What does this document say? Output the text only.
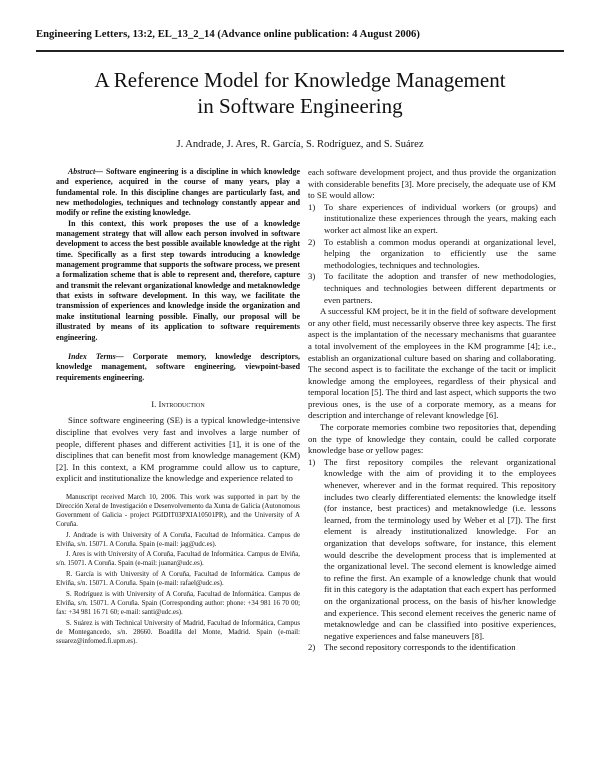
Engineering Letters, 13:2, EL_13_2_14 (Advance online publication: 4 August 2006)
A Reference Model for Knowledge Management
in Software Engineering
J. Andrade, J. Ares, R. García, S. Rodríguez, and S. Suárez

Abstract— Software engineering is a discipline in which knowledge and experience, acquired in the course of many years, play a fundamental role. In this discipline changes are particularly fast, and new methodologies, techniques and technology constantly appear and modify or refine the existing knowledge.

In this context, this work proposes the use of a knowledge management strategy that will allow each person involved in software development to access the best possible available knowledge at the right time. Specifically as a first step towards introducing a knowledge management programme that supports the software process, we present a formalization scheme that is able to represent and, therefore, capture and transmit the relevant organizational knowledge and metaknowledge that exists in software development. In this way, we facilitate the transmission of experiences and knowledge inside the organization and make institutional learning possible. Finally, our proposal will be illustrated by means of its application to software requirements engineering.

Index Terms— Corporate memory, knowledge descriptors, knowledge management, software engineering, viewpoint-based requirements engineering.

I. Introduction

Since software engineering (SE) is a typical knowledge-intensive discipline that evolves very fast and involves a large number of people, different phases and different activities [1], it is one of the disciplines that can benefit most from knowledge management (KM) [2]. In this context, a KM programme could allow us to capture, explicit and institutionalize the knowledge and experience related to

Manuscript received March 10, 2006. This work was supported in part by the Dirección Xeral de Investigación e Desenvolvemento da Xunta de Galicia (Autonomous Government of Galicia - project PGIDIT03PXIA10501PR), and the University of A Coruña.

J. Andrade is with University of A Coruña, Facultad de Informática. Campus de Elviña, s/n. 15071. A Coruña. Spain (e-mail: jag@udc.es).

J. Ares is with University of A Coruña, Facultad de Informática. Campus de Elviña, s/n. 15071. A Coruña. Spain (e-mail: juanar@udc.es).

R. García is with University of A Coruña, Facultad de Informática. Campus de Elviña, s/n. 15071. A Coruña. Spain (e-mail: rafael@udc.es).

S. Rodríguez is with University of A Coruña, Facultad de Informática. Campus de Elviña, s/n. 15071. A Coruña. Spain (Corresponding author: phone: +34 981 16 70 00; fax: +34 981 16 71 60; e-mail: santi@udc.es).

S. Suárez is with Technical University of Madrid, Facultad de Informática, Campus de Montegancedo, s/n. 28660. Boadilla del Monte, Madrid. Spain (e-mail: ssuarez@infomed.fi.upm.es).

each software development project, and thus provide the organization with considerable benefits [3]. More precisely, the adequate use of KM to SE would allow:

1) To share experiences of individual workers (or groups) and institutionalize these experiences through the years, making each worker act almost like an expert.
2) To establish a common modus operandi at organizational level, helping the organization to efficiently use the same methodologies, techniques and technologies.
3) To facilitate the adoption and transfer of new methodologies, techniques and technologies between different departments or even partners.

A successful KM project, be it in the field of software development or any other field, must necessarily observe three key aspects. The first aspect is the implantation of the necessary mechanisms that guarantee a total involvement of the employees in the KM programme [4]; i.e., establish an organizational culture based on sharing and collaborating. The second aspect is to facilitate the exchange of the tacit or implicit knowledge among the employees, regardless of their physical and temporal location [5]. The third and last aspect, which supports the two previous ones, is the use of a corporate memory, as a means for description and interchange of relevant knowledge [6].

The corporate memories combine two repositories that, depending on the type of knowledge they contain, could be called corporate knowledge base or yellow pages:

1) The first repository compiles the relevant organizational knowledge with the aim of providing it to the employees whenever, wherever and in the format required. This repository includes two clearly differentiated elements: the knowledge itself (for instance, best practices) and metaknowledge (i.e. lessons learned, from the terminology used by Weber et al [7]). The first element is already institutionalized knowledge. For an organization that develops software, for instance, this element would describe the development process that is implemented at the organizational level. The second element is knowledge aimed to refine the first. An example of a knowledge chunk that would fit in this category is the adaptation that each expert has performed on the organizational process, on the basis of his/her knowledge and experience. This second element receives the generic name of metaknowledge and can be classified into positive experiences, negative experiences and false maneuvers [8].
2) The second repository corresponds to the identification
